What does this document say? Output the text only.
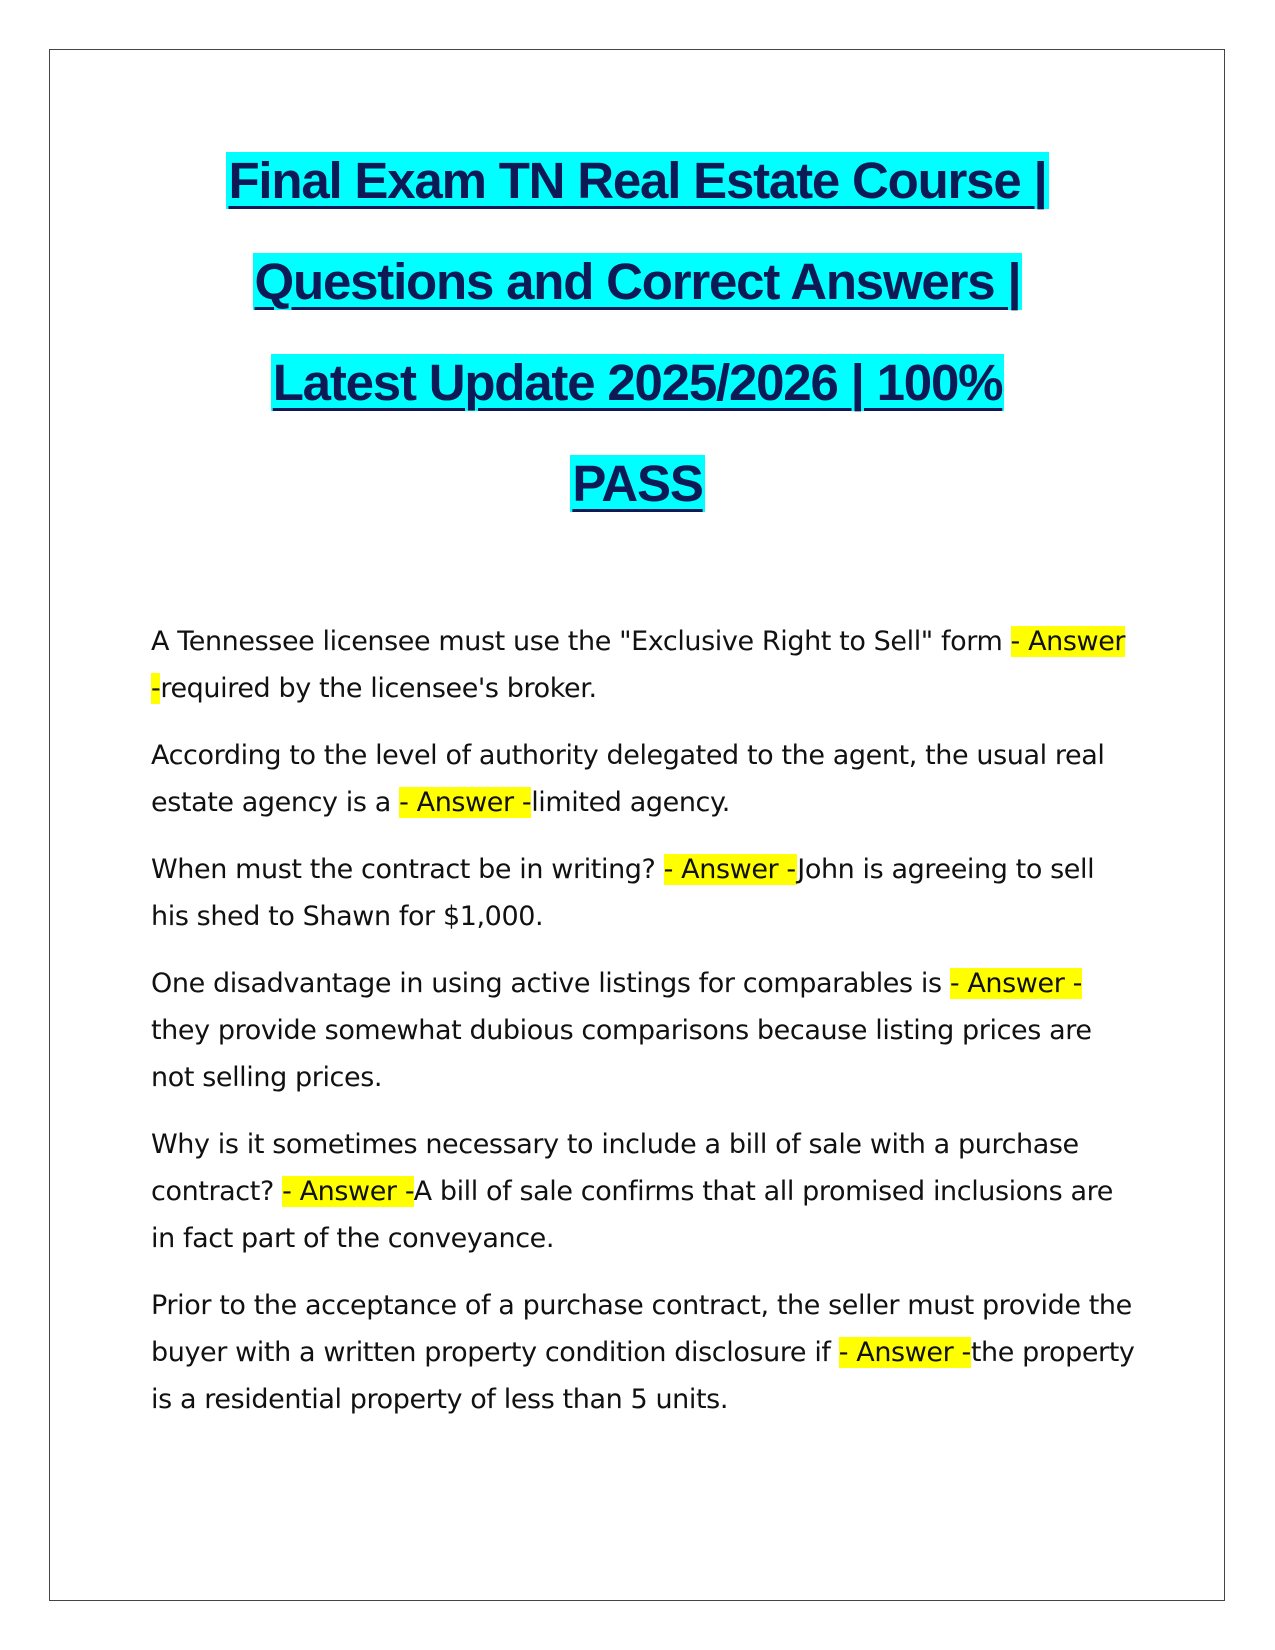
Final Exam TN Real Estate Course |
Questions and Correct Answers |
Latest Update 2025/2026 | 100%
PASS

A Tennessee licensee must use the "Exclusive Right to Sell" form - Answer -required by the licensee's broker.

According to the level of authority delegated to the agent, the usual real estate agency is a - Answer -limited agency.

When must the contract be in writing? - Answer -John is agreeing to sell his shed to Shawn for $1,000.

One disadvantage in using active listings for comparables is - Answer -they provide somewhat dubious comparisons because listing prices are not selling prices.

Why is it sometimes necessary to include a bill of sale with a purchase contract? - Answer -A bill of sale confirms that all promised inclusions are in fact part of the conveyance.

Prior to the acceptance of a purchase contract, the seller must provide the buyer with a written property condition disclosure if - Answer -the property is a residential property of less than 5 units.
